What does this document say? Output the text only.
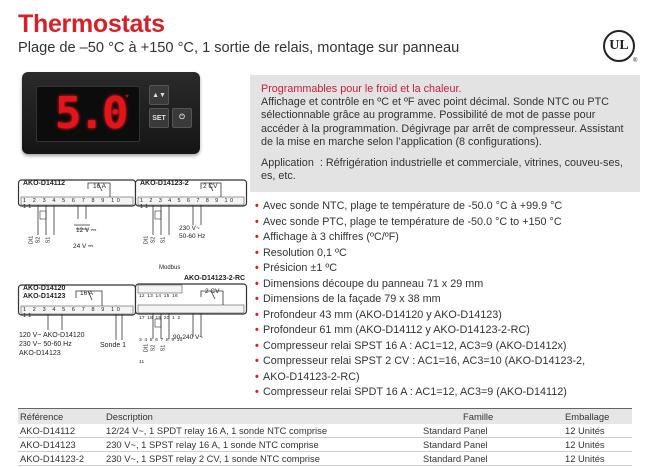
Thermostats
Plage de –50 °C à +150 °C, 1 sortie de relais, montage sur panneau	UL
®
5.0 *	▲▼
SET	⏻
Programmables pour le froid et la chaleur.

Affichage et contrôle en ºC et ºF avec point décimal. Sonde NTC ou PTC sélectionnable grâce au programme. Possibilité de mot de passe pour accéder à la programmation. Dégivrage par arrêt de compresseur. Assistant de la mise en marche selon l’application (8 configurations).

Application  : Réfrigération industrielle et commerciale, vitrines, couveu-ses, es, etc.

AKO-D14112	16 A
1 2 3 4 5 6 7 8 9 10 11
12 V ⎓
24 V ⎓
DI1 S2 S1
AKO-D14123-2 2 CV
1 2 3 4 5 6 7 8 9 10 11
230 V~
50-60 Hz
DI1 S2 S1
AKO-D14120
AKO-D14123 16 A
1 2 3 4 5 6 7 8 9 10 11
120 V~ AKO-D14120
230 V~ 50-60 Hz
AKO-D14123
Sonde 1
Modbus
AKO-D14123-2-RC
2 CV
12 13 14 15 16 17 18 19 20 1 2 3 4 5 6 7 8 9 10 11
90-240 V~
DI1 S2 S1
• Avec sonde NTC, plage te température de -50.0 °C à +99.9 °C
• Avec sonde PTC, plage te température de -50.0 °C to +150 °C
• Affichage à 3 chiffres (ºC/ºF)
• Resolution 0,1 ºC
• Présicion ±1 ºC
• Dimensions découpe du panneau 71 x 29 mm
• Dimensions de la façade 79 x 38 mm
• Profondeur 43 mm (AKO-D14120 y AKO-D14123)
• Profondeur 61 mm (AKO-D14112 y AKO-D14123-2-RC)
• Compresseur relai SPST 16 A : AC1=12, AC3=9 (AKO-D1412x)
• Compresseur relai SPST 2 CV : AC1=16, AC3=10 (AKO-D14123-2,
• AKO-D14123-2-RC)
• Compresseur relai SPDT 16 A : AC1=12, AC3=9 (AKO-D14112)
Référence	Description	Famille	Emballage
AKO-D14112	12/24 V~, 1 SPDT relay 16 A, 1 sonde NTC comprise	Standard Panel	12 Unités
AKO-D14123	230 V~, 1 SPST relay 16 A, 1 sonde NTC comprise	Standard Panel	12 Unités
AKO-D14123-2	230 V~, 1 SPST relay 2 CV, 1 sonde NTC comprise	Standard Panel	12 Unités
